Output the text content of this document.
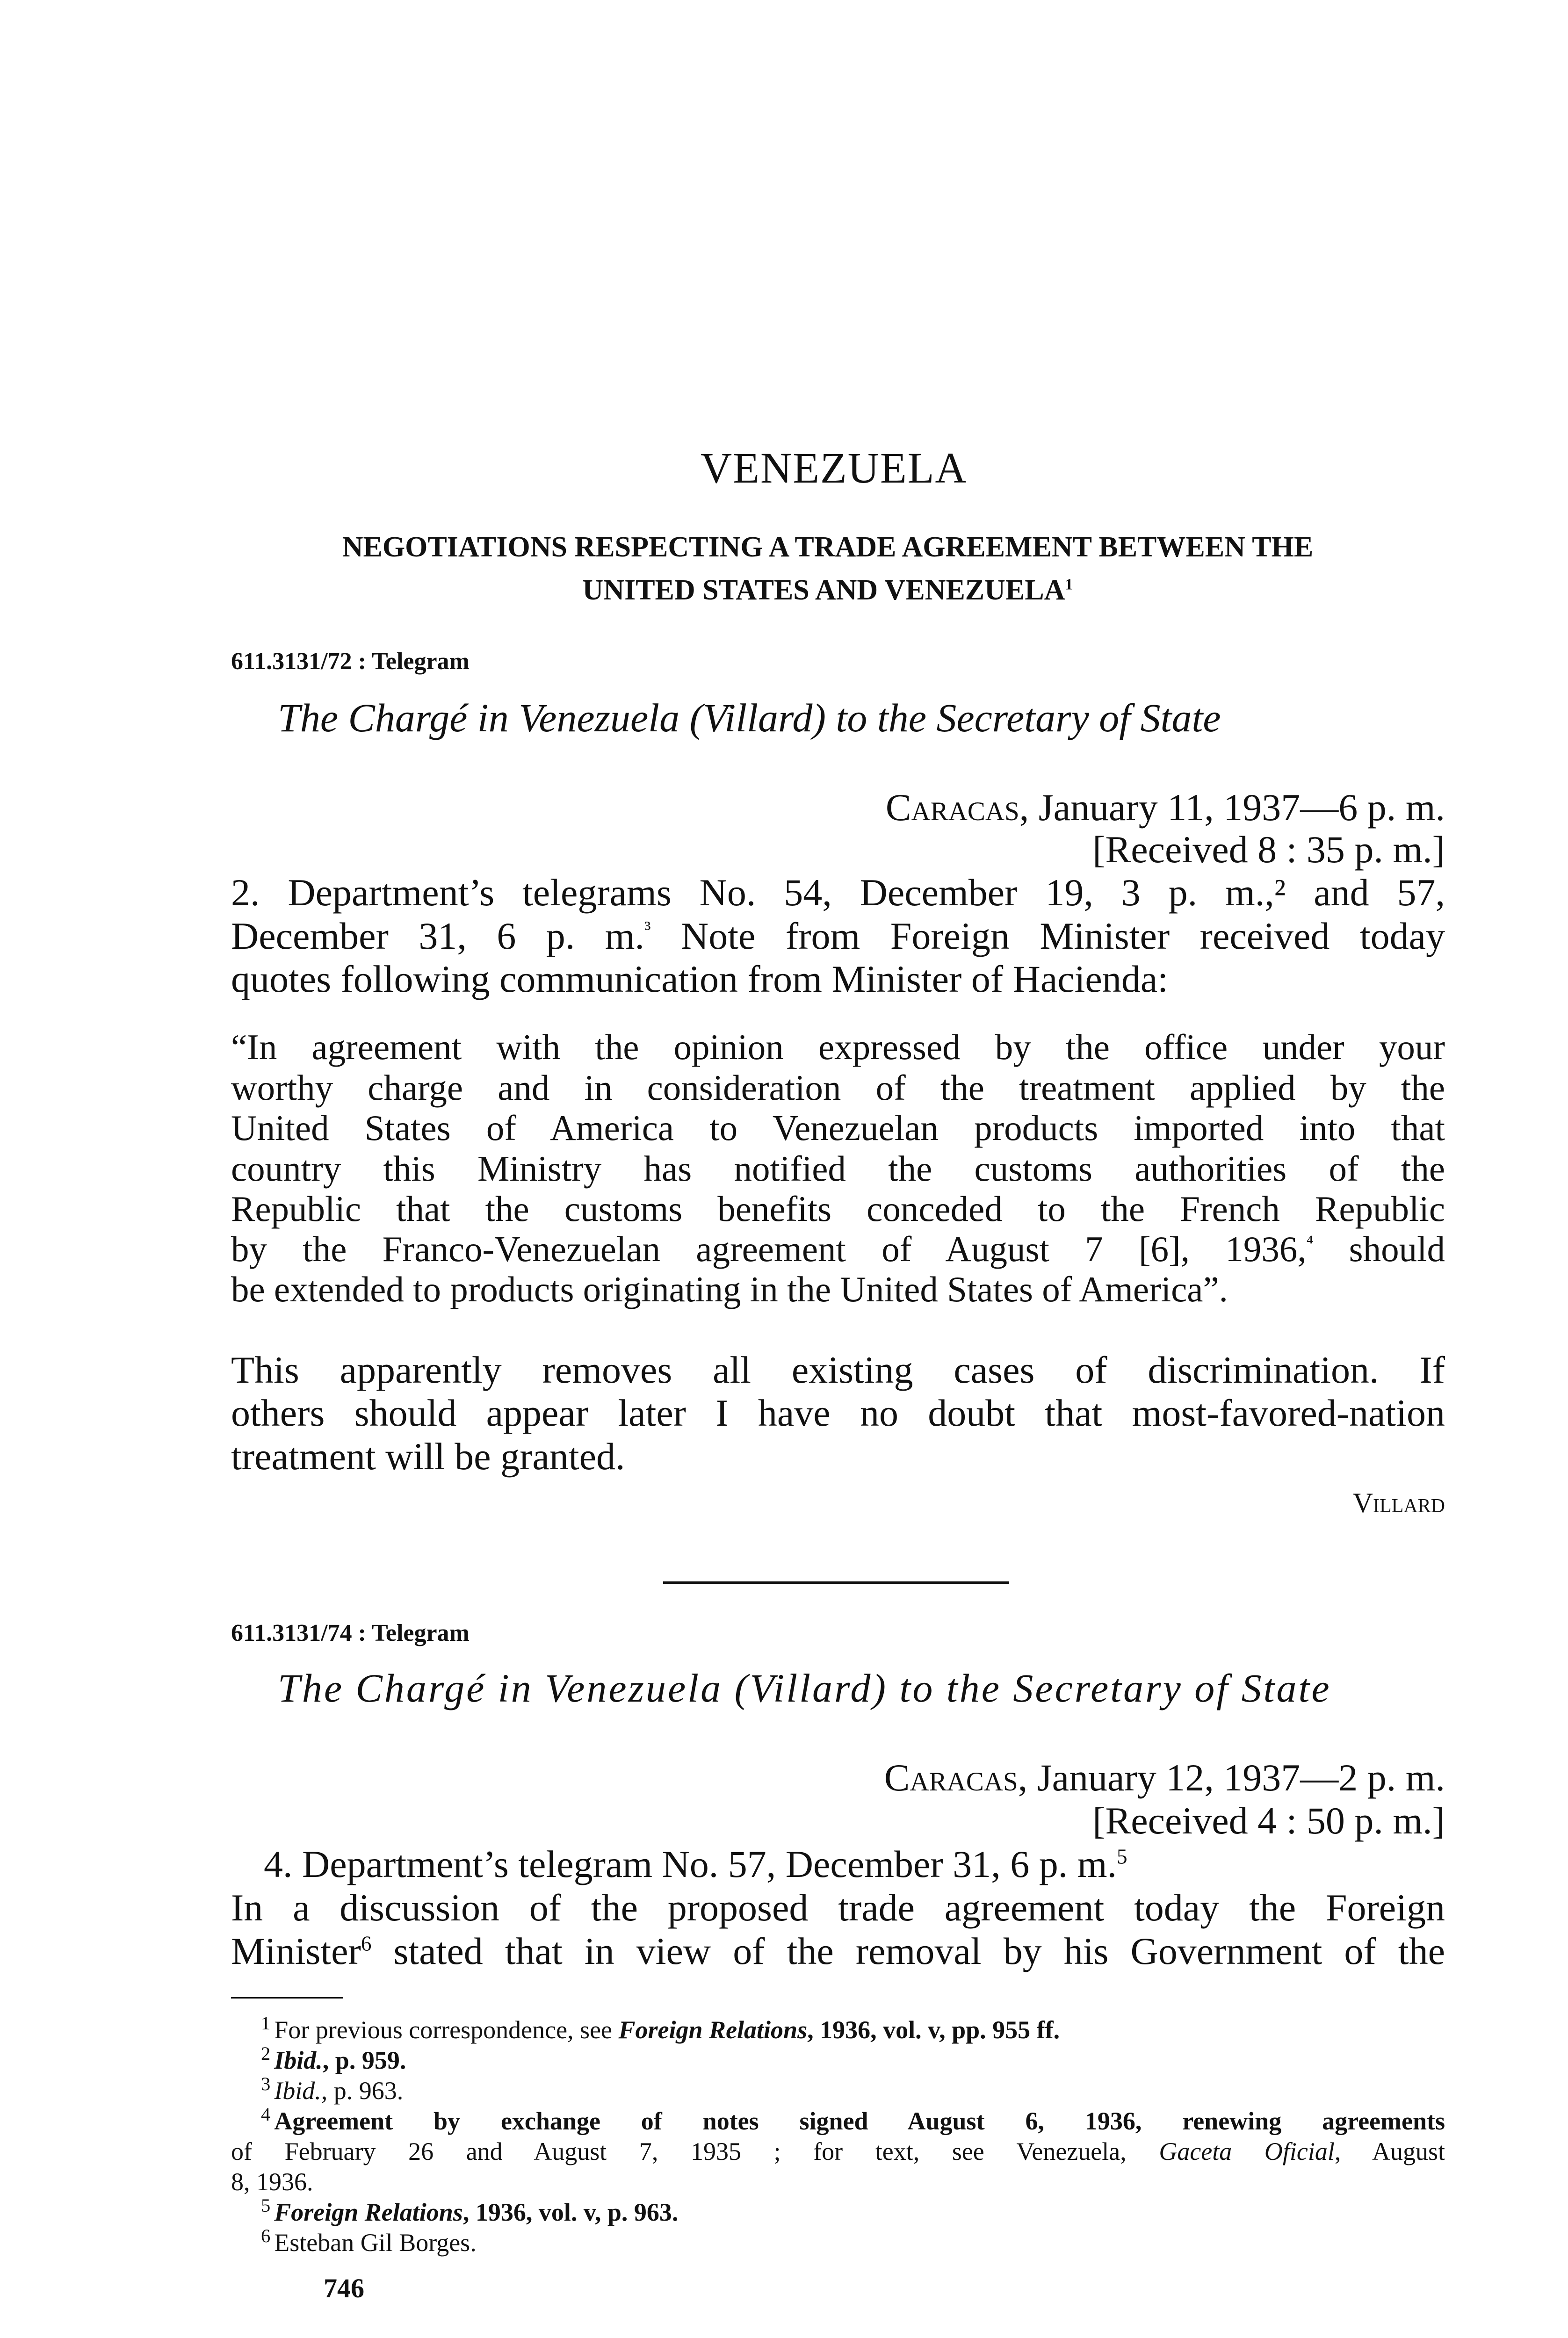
VENEZUELA
NEGOTIATIONS RESPECTING A TRADE AGREEMENT BETWEEN THE
UNITED STATES AND VENEZUELA$^1$
611.3131/72 : Telegram
The Chargé in Venezuela (Villard) to the Secretary of State
Caracas, January 11, 1937—6 p. m.
[Received 8 : 35 p. m.]
2. Department’s telegrams No. 54, December 19, 3 p. m.,² and 57,
December 31, 6 p. m.$^{^3}$ Note from Foreign Minister received today
quotes following communication from Minister of Hacienda:
“In agreement with the opinion expressed by the office under your
worthy charge and in consideration of the treatment applied by the
United States of America to Venezuelan products imported into that
country this Ministry has notified the customs authorities of the
Republic that the customs benefits conceded to the French Republic
by the Franco-Venezuelan agreement of August 7 [6], 1936,$^{^4}$ should
be extended to products originating in the United States of America”.
This apparently removes all existing cases of discrimination. If
others should appear later I have no doubt that most-favored-nation
treatment will be granted.
Villard
611.3131/74 : Telegram
The Chargé in Venezuela (Villard) to the Secretary of State
Caracas, January 12, 1937—2 p. m.
[Received 4 : 50 p. m.]
4. Department’s telegram No. 57, December 31, 6 p. m.$^5$
In a discussion of the proposed trade agreement today the Foreign
Minister$^6$ stated that in view of the removal by his Government of the
$^1$ For previous correspondence, see Foreign Relations, 1936, vol. v, pp. 955 ff.
$^2$ Ibid., p. 959.
$^3$ Ibid., p. 963.
$^4$ Agreement by exchange of notes signed August 6, 1936, renewing agreements
of February 26 and August 7, 1935 ; for text, see Venezuela, Gaceta Oficial, August
8, 1936.
$^5$ Foreign Relations, 1936, vol. v, p. 963.
$^6$ Esteban Gil Borges.
746
